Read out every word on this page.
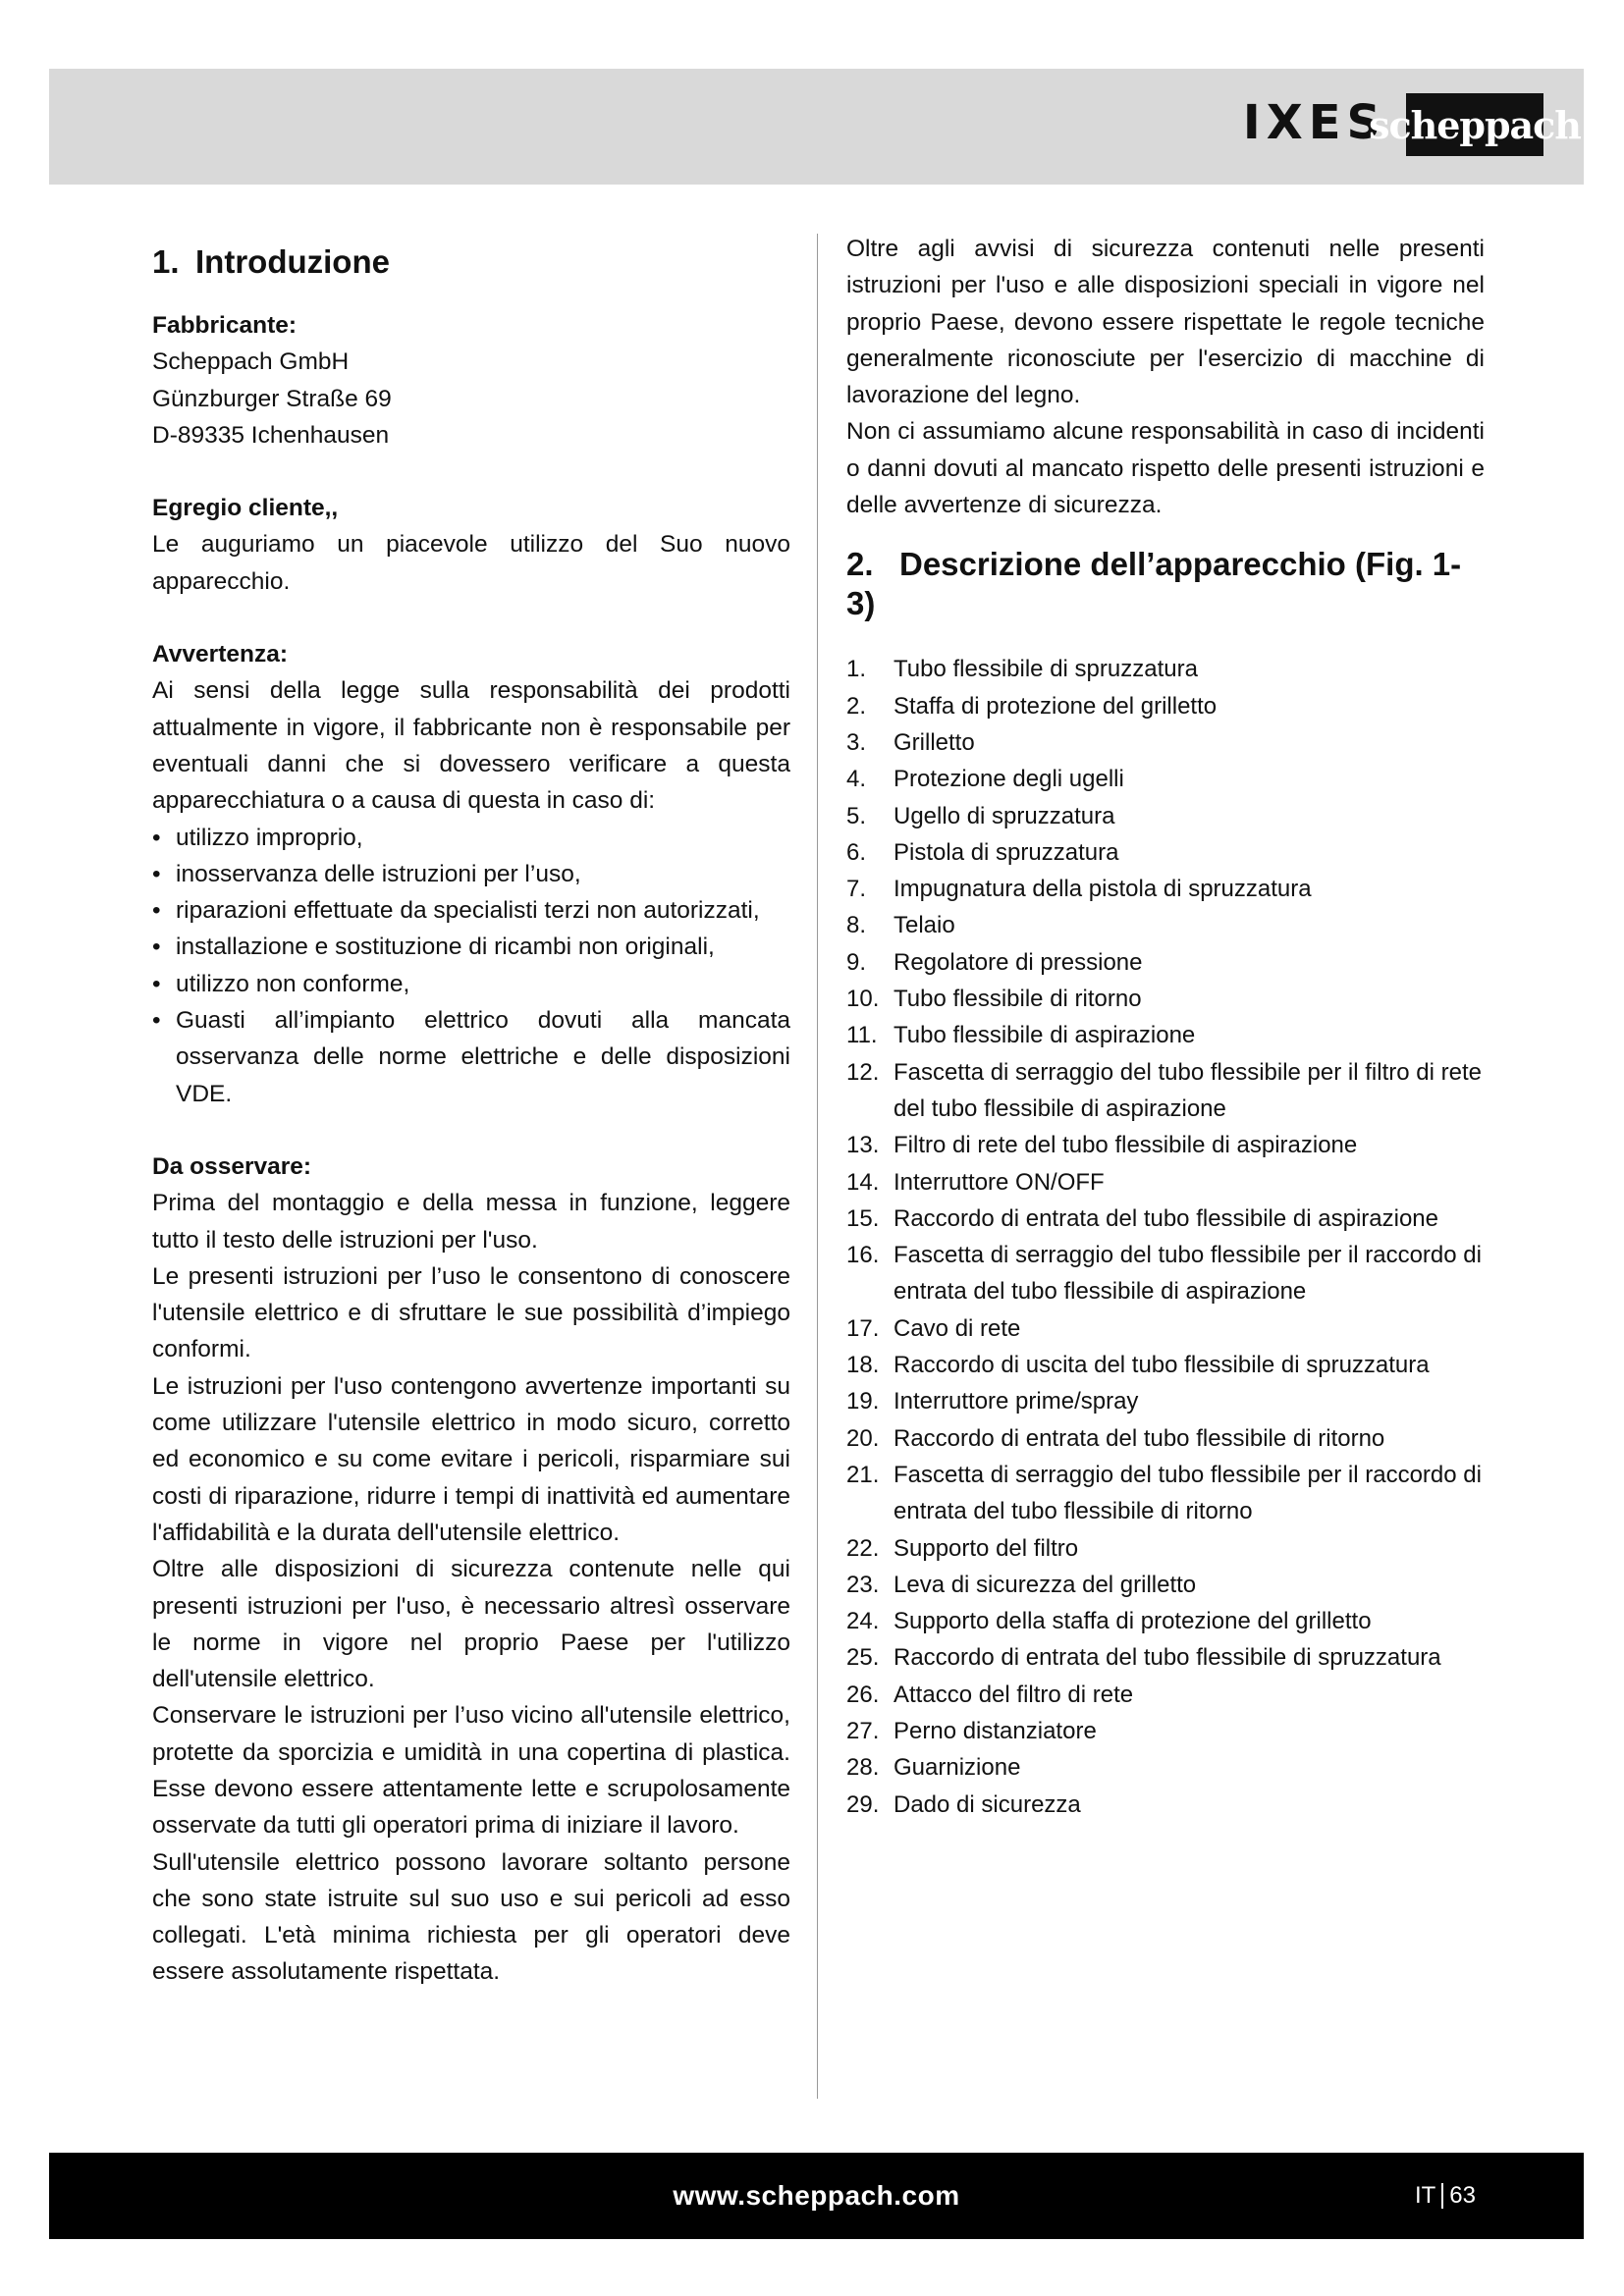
IXES
scheppach
1. Introduzione

Fabbricante:

Scheppach GmbH

Günzburger Straße 69

D-89335 Ichenhausen

Egregio cliente,,

Le auguriamo un piacevole utilizzo del Suo nuovo apparecchio.

Avvertenza:

Ai sensi della legge sulla responsabilità dei prodotti attualmente in vigore, il fabbricante non è responsabile per eventuali danni che si dovessero verificare a questa apparecchiatura o a causa di questa in caso di:

• utilizzo improprio,
• inosservanza delle istruzioni per l’uso,
• riparazioni effettuate da specialisti terzi non autorizzati,
• installazione e sostituzione di ricambi non originali,
• utilizzo non conforme,
• Guasti all’impianto elettrico dovuti alla mancata osservanza delle norme elettriche e delle disposizioni VDE.

Da osservare:

Prima del montaggio e della messa in funzione, leggere tutto il testo delle istruzioni per l'uso.

Le presenti istruzioni per l’uso le consentono di conoscere l'utensile elettrico e di sfruttare le sue possibilità d’impiego conformi.

Le istruzioni per l'uso contengono avvertenze importanti su come utilizzare l'utensile elettrico in modo sicuro, corretto ed economico e su come evitare i pericoli, risparmiare sui costi di riparazione, ridurre i tempi di inattività ed aumentare l'affidabilità e la durata dell'utensile elettrico.

Oltre alle disposizioni di sicurezza contenute nelle qui presenti istruzioni per l'uso, è necessario altresì osservare le norme in vigore nel proprio Paese per l'utilizzo dell'utensile elettrico.

Conservare le istruzioni per l’uso vicino all'utensile elettrico, protette da sporcizia e umidità in una copertina di plastica. Esse devono essere attentamente lette e scrupolosamente osservate da tutti gli operatori prima di iniziare il lavoro.

Sull'utensile elettrico possono lavorare soltanto persone che sono state istruite sul suo uso e sui pericoli ad esso collegati. L'età minima richiesta per gli operatori deve essere assolutamente rispettata.

Oltre agli avvisi di sicurezza contenuti nelle presenti istruzioni per l'uso e alle disposizioni speciali in vigore nel proprio Paese, devono essere rispettate le regole tecniche generalmente riconosciute per l'esercizio di macchine di lavorazione del legno.

Non ci assumiamo alcune responsabilità in caso di incidenti o danni dovuti al mancato rispetto delle presenti istruzioni e delle avvertenze di sicurezza.

2. Descrizione dell’apparecchio (Fig. 1-3)
1.	Tubo flessibile di spruzzatura
2.	Staffa di protezione del grilletto
3.	Grilletto
4.	Protezione degli ugelli
5.	Ugello di spruzzatura
6.	Pistola di spruzzatura
7.	Impugnatura della pistola di spruzzatura
8.	Telaio
9.	Regolatore di pressione
10. Tubo flessibile di ritorno
11. Tubo flessibile di aspirazione
12. Fascetta di serraggio del tubo flessibile per il filtro di rete del tubo flessibile di aspirazione
13. Filtro di rete del tubo flessibile di aspirazione
14. Interruttore ON/OFF
15. Raccordo di entrata del tubo flessibile di aspirazione
16. Fascetta di serraggio del tubo flessibile per il raccordo di entrata del tubo flessibile di aspirazione
17. Cavo di rete
18. Raccordo di uscita del tubo flessibile di spruzzatura
19. Interruttore prime/spray
20. Raccordo di entrata del tubo flessibile di ritorno
21. Fascetta di serraggio del tubo flessibile per il raccordo di entrata del tubo flessibile di ritorno
22. Supporto del filtro
23. Leva di sicurezza del grilletto
24. Supporto della staffa di protezione del grilletto
25. Raccordo di entrata del tubo flessibile di spruzzatura
26. Attacco del filtro di rete
27. Perno distanziatore
28. Guarnizione
29. Dado di sicurezza
www.scheppach.com	IT 63
